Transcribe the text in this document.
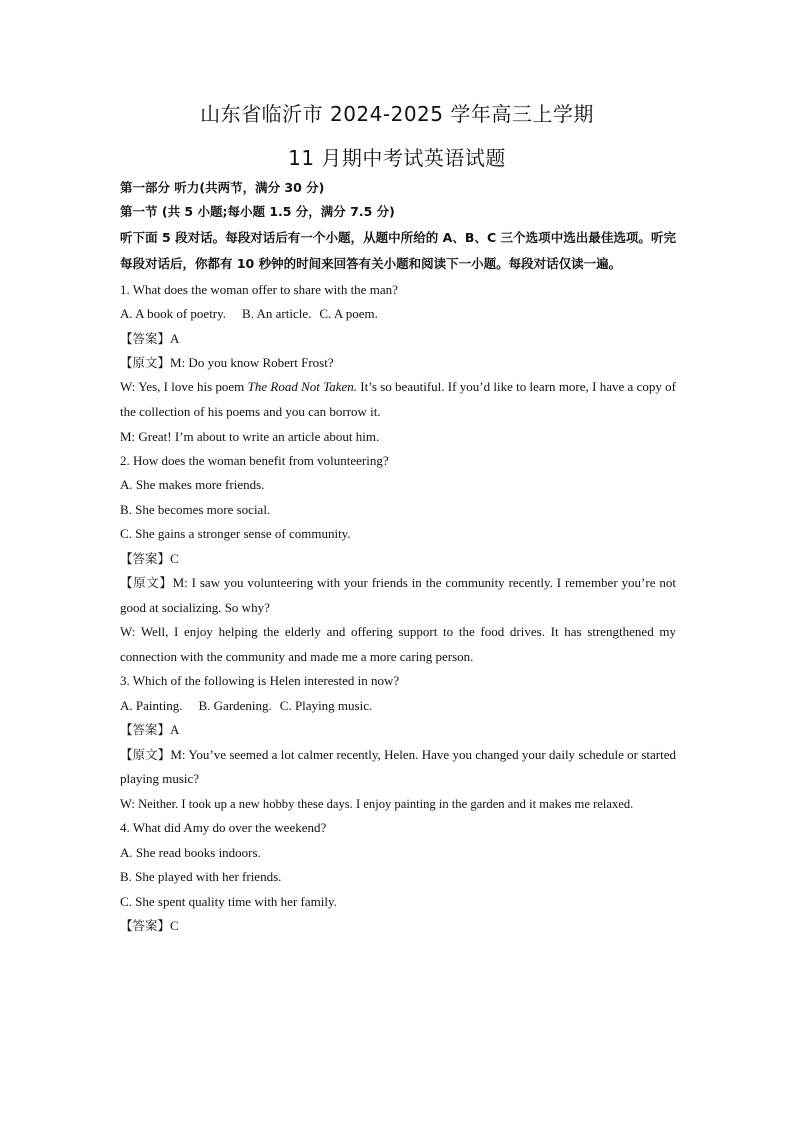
山东省临沂市 2024-2025 学年高三上学期
11 月期中考试英语试题
第一部分 听力(共两节，满分 30 分)
第一节 (共 5 小题;每小题 1.5 分，满分 7.5 分)
听下面 5 段对话。每段对话后有一个小题，从题中所给的 A、B、C 三个选项中选出最佳选项。听完每段对话后，你都有 10 秒钟的时间来回答有关小题和阅读下一小题。每段对话仅读一遍。
1. What does the woman offer to share with the man?
A. A book of poetry. B. An article. C. A poem.
【答案】A
【原文】M: Do you know Robert Frost?
W: Yes, I love his poem The Road Not Taken. It’s so beautiful. If you’d like to learn more, I have a copy of the collection of his poems and you can borrow it.
M: Great! I’m about to write an article about him.
2. How does the woman benefit from volunteering?
A. She makes more friends.
B. She becomes more social.
C. She gains a stronger sense of community.
【答案】C
【原文】M: I saw you volunteering with your friends in the community recently. I remember you’re not good at socializing. So why?
W: Well, I enjoy helping the elderly and offering support to the food drives. It has strengthened my connection with the community and made me a more caring person.
3. Which of the following is Helen interested in now?
A. Painting. B. Gardening. C. Playing music.
【答案】A
【原文】M: You’ve seemed a lot calmer recently, Helen. Have you changed your daily schedule or started playing music?
W: Neither. I took up a new hobby these days. I enjoy painting in the garden and it makes me relaxed.
4. What did Amy do over the weekend?
A. She read books indoors.
B. She played with her friends.
C. She spent quality time with her family.
【答案】C
